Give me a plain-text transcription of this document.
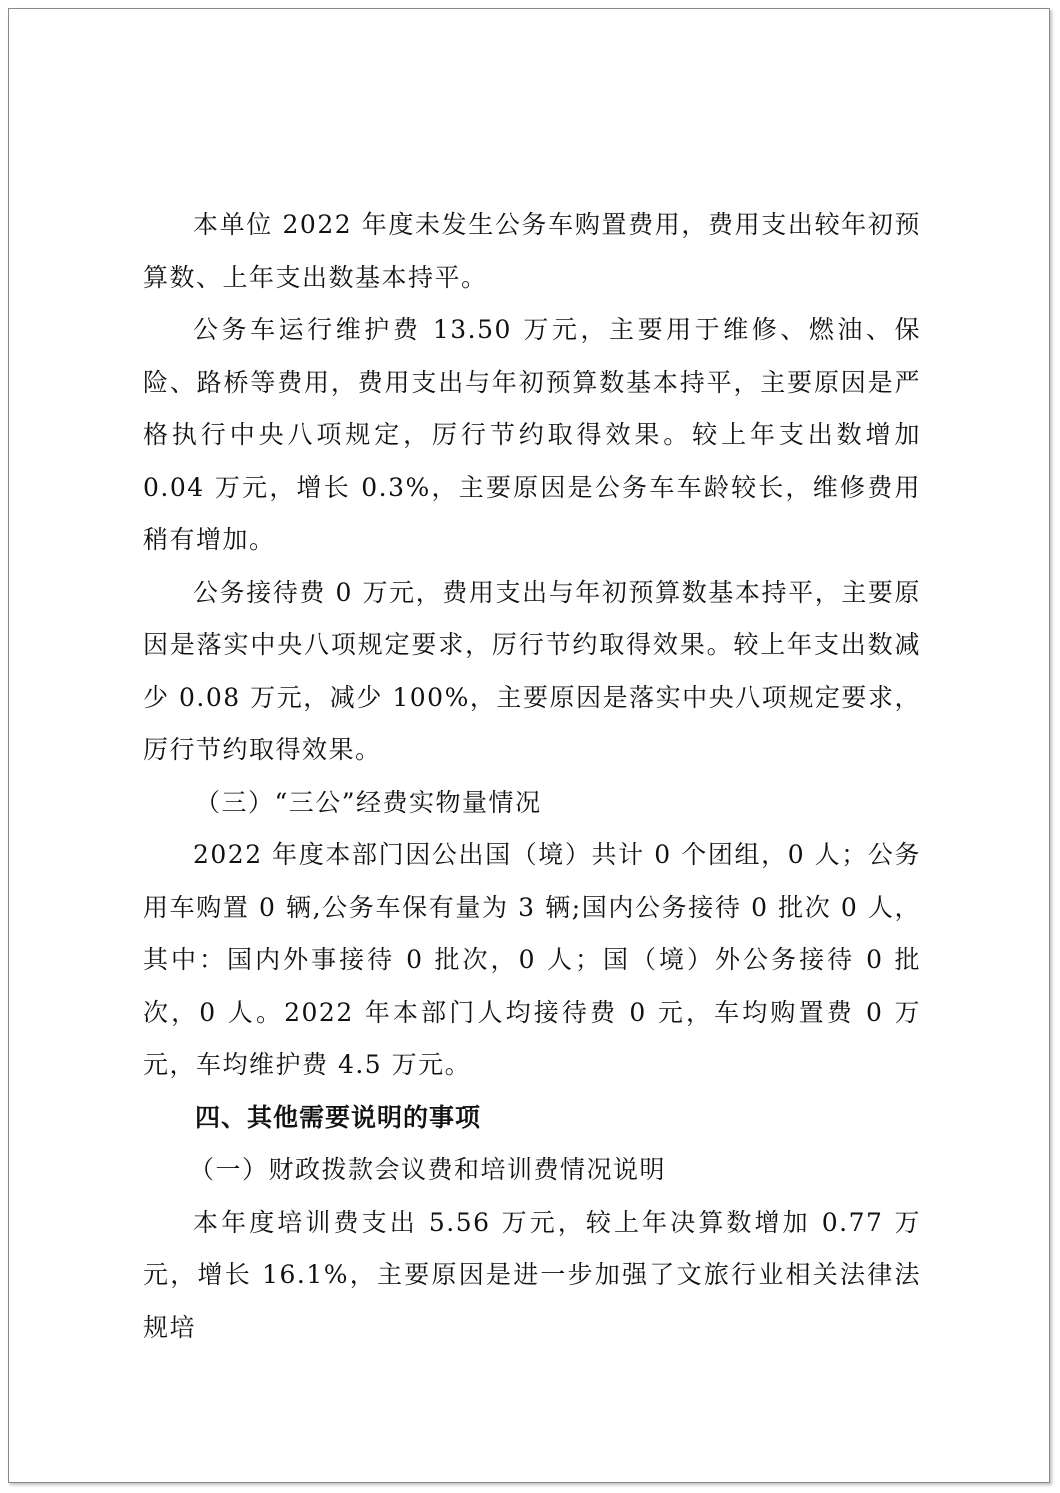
本单位 2022 年度未发生公务车购置费用，费用支出较年初预算数、上年支出数基本持平。

公务车运行维护费 13.50 万元，主要用于维修、燃油、保险、路桥等费用，费用支出与年初预算数基本持平，主要原因是严格执行中央八项规定，厉行节约取得效果。较上年支出数增加 0.04 万元，增长 0.3%，主要原因是公务车车龄较长，维修费用稍有增加。

公务接待费 0 万元，费用支出与年初预算数基本持平，主要原因是落实中央八项规定要求，厉行节约取得效果。较上年支出数减少 0.08 万元，减少 100%，主要原因是落实中央八项规定要求，厉行节约取得效果。

（三）“三公”经费实物量情况

2022 年度本部门因公出国（境）共计 0 个团组，0 人；公务用车购置 0 辆,公务车保有量为 3 辆;国内公务接待 0 批次 0 人，其中：国内外事接待 0 批次，0 人；国（境）外公务接待 0 批次，0 人。2022 年本部门人均接待费 0 元，车均购置费 0 万元，车均维护费 4.5 万元。

四、其他需要说明的事项

（一）财政拨款会议费和培训费情况说明

本年度培训费支出 5.56 万元，较上年决算数增加 0.77 万元，增长 16.1%，主要原因是进一步加强了文旅行业相关法律法规培
